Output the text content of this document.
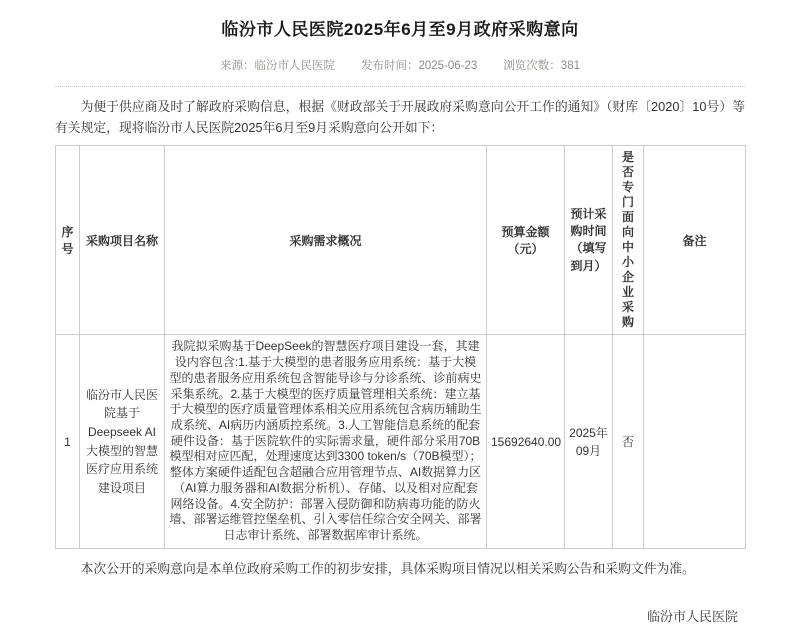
临汾市人民医院2025年6月至9月政府采购意向
来源：临汾市人民医院 发布时间：2025-06-23 浏览次数：381

为便于供应商及时了解政府采购信息，根据《财政部关于开展政府采购意向公开工作的通知》（财库〔2020〕10号）等有关规定，现将临汾市人民医院2025年6月至9月采购意向公开如下：

序号	采购项目名称	采购需求概况	预算金额（元）	预计采购时间（填写到月）	是否专门面向中小企业采购	备注
1	临汾市人民医院基于Deepseek AI大模型的智慧医疗应用系统建设项目	我院拟采购基于DeepSeek的智慧医疗项目建设一套，其建设内容包含:1.基于大模型的患者服务应用系统：基于大模型的患者服务应用系统包含智能导诊与分诊系统、诊前病史采集系统。2.基于大模型的医疗质量管理相关系统：建立基于大模型的医疗质量管理体系相关应用系统包含病历辅助生成系统、AI病历内涵质控系统。3.人工智能信息系统的配套硬件设备：基于医院软件的实际需求量，硬件部分采用70B模型相对应匹配，处理速度达到3300 token/s（70B模型）；整体方案硬件适配包含超融合应用管理节点、AI数据算力区（AI算力服务器和AI数据分析机）、存储、以及相对应配套网络设备。4.安全防护：部署入侵防御和防病毒功能的防火墙、部署运维管控堡垒机、引入零信任综合安全网关、部署日志审计系统、部署数据库审计系统。	15692640.00	2025年09月	否	

本次公开的采购意向是本单位政府采购工作的初步安排，具体采购项目情况以相关采购公告和采购文件为准。

临汾市人民医院
